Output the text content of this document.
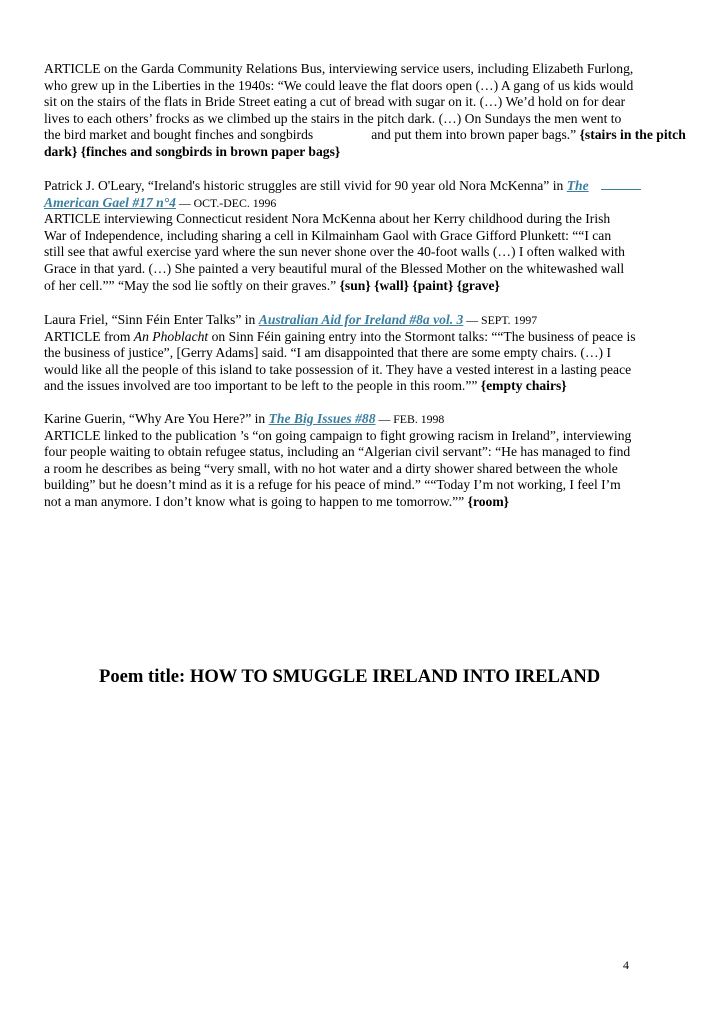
ARTICLE on the Garda Community Relations Bus, interviewing service users, including Elizabeth Furlong,
who grew up in the Liberties in the 1940s: “We could leave the flat doors open (…) A gang of us kids would
sit on the stairs of the flats in Bride Street eating a cut of bread with sugar on it. (…) We’d hold on for dear
lives to each others’ frocks as we climbed up the stairs in the pitch dark. (…) On Sundays the men went to
the bird market and bought finches and songbirds	and put them into brown paper bags.” {stairs in the pitch
dark} {finches and songbirds in brown paper bags}
Patrick J. O'Leary, “Ireland's historic struggles are still vivid for 90 year old Nora McKenna” in The
American Gael #17 n°4 — OCT.-DEC. 1996
ARTICLE interviewing Connecticut resident Nora McKenna about her Kerry childhood during the Irish
War of Independence, including sharing a cell in Kilmainham Gaol with Grace Gifford Plunkett: ““I can
still see that awful exercise yard where the sun never shone over the 40-foot walls (…) I often walked with
Grace in that yard. (…) She painted a very beautiful mural of the Blessed Mother on the whitewashed wall
of her cell.”” “May the sod lie softly on their graves.” {sun} {wall} {paint} {grave}
Laura Friel, “Sinn Féin Enter Talks” in Australian Aid for Ireland #8a vol. 3 — SEPT. 1997
ARTICLE from An Phoblacht on Sinn Féin gaining entry into the Stormont talks: ““The business of peace is
the business of justice”, [Gerry Adams] said. “I am disappointed that there are some empty chairs. (…) I
would like all the people of this island to take possession of it. They have a vested interest in a lasting peace
and the issues involved are too important to be left to the people in this room.”” {empty chairs}
Karine Guerin, “Why Are You Here?” in The Big Issues #88 — FEB. 1998
ARTICLE linked to the publication ’s “on going campaign to fight growing racism in Ireland”, interviewing
four people waiting to obtain refugee status, including an “Algerian civil servant”: “He has managed to find
a room he describes as being “very small, with no hot water and a dirty shower shared between the whole
building” but he doesn’t mind as it is a refuge for his peace of mind.” ““Today I’m not working, I feel I’m
not a man anymore. I don’t know what is going to happen to me tomorrow.”” {room}
Poem title: HOW TO SMUGGLE IRELAND INTO IRELAND
4
